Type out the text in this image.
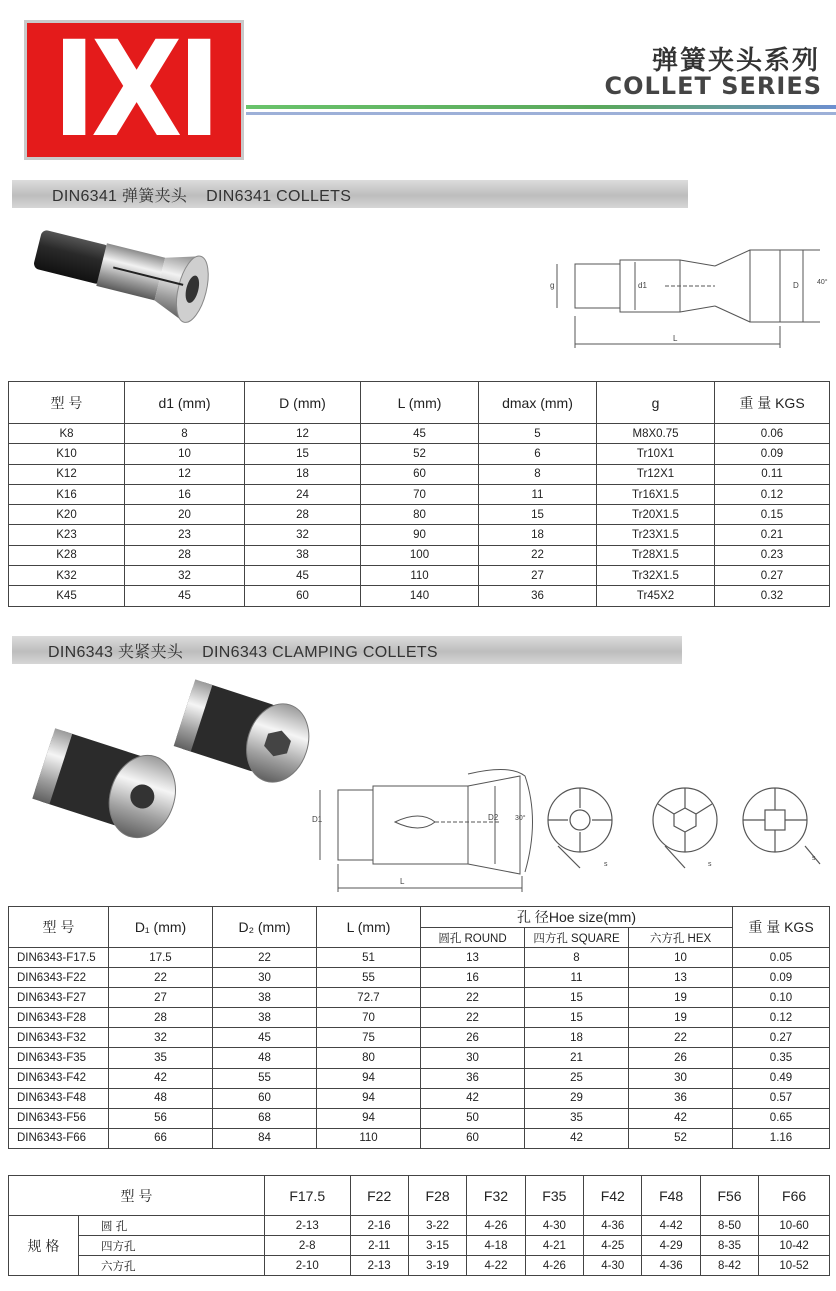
IXI	弹簧夹头系列
COLLET SERIES
DIN6341 弹簧夹头    DIN6341 COLLETS
g	d1	D
L
40°
型 号	d1 (mm)	D (mm)	L (mm)	dmax (mm)	g	重 量 KGS
K8	8	12	45	5	M8X0.75	0.06
K10	10	15	52	6	Tr10X1	0.09
K12	12	18	60	8	Tr12X1	0.11
K16	16	24	70	11	Tr16X1.5	0.12
K20	20	28	80	15	Tr20X1.5	0.15
K23	23	32	90	18	Tr23X1.5	0.21
K28	28	38	100	22	Tr28X1.5	0.23
K32	32	45	110	27	Tr32X1.5	0.27
K45	45	60	140	36	Tr45X2	0.32
DIN6343 夹紧夹头    DIN6343 CLAMPING COLLETS
D1	D2
L
30°
s	s
s
型 号	D₁ (mm)	D₂ (mm)	L (mm)	孔 径Hoe size(mm)			重 量 KGS
				圆孔 ROUND	四方孔 SQUARE	六方孔 HEX	
DIN6343-F17.5	17.5	22	51	13	8	10	0.05
DIN6343-F22	22	30	55	16	11	13	0.09
DIN6343-F27	27	38	72.7	22	15	19	0.10
DIN6343-F28	28	38	70	22	15	19	0.12
DIN6343-F32	32	45	75	26	18	22	0.27
DIN6343-F35	35	48	80	30	21	26	0.35
DIN6343-F42	42	55	94	36	25	30	0.49
DIN6343-F48	48	60	94	42	29	36	0.57
DIN6343-F56	56	68	94	50	35	42	0.65
DIN6343-F66	66	84	110	60	42	52	1.16
型 号		F17.5	F22	F28	F32	F35	F42	F48	F56	F66
规 格	圆 孔	2-13	2-16	3-22	4-26	4-30	4-36	4-42	8-50	10-60
	四方孔	2-8	2-11	3-15	4-18	4-21	4-25	4-29	8-35	10-42
	六方孔	2-10	2-13	3-19	4-22	4-26	4-30	4-36	8-42	10-52
